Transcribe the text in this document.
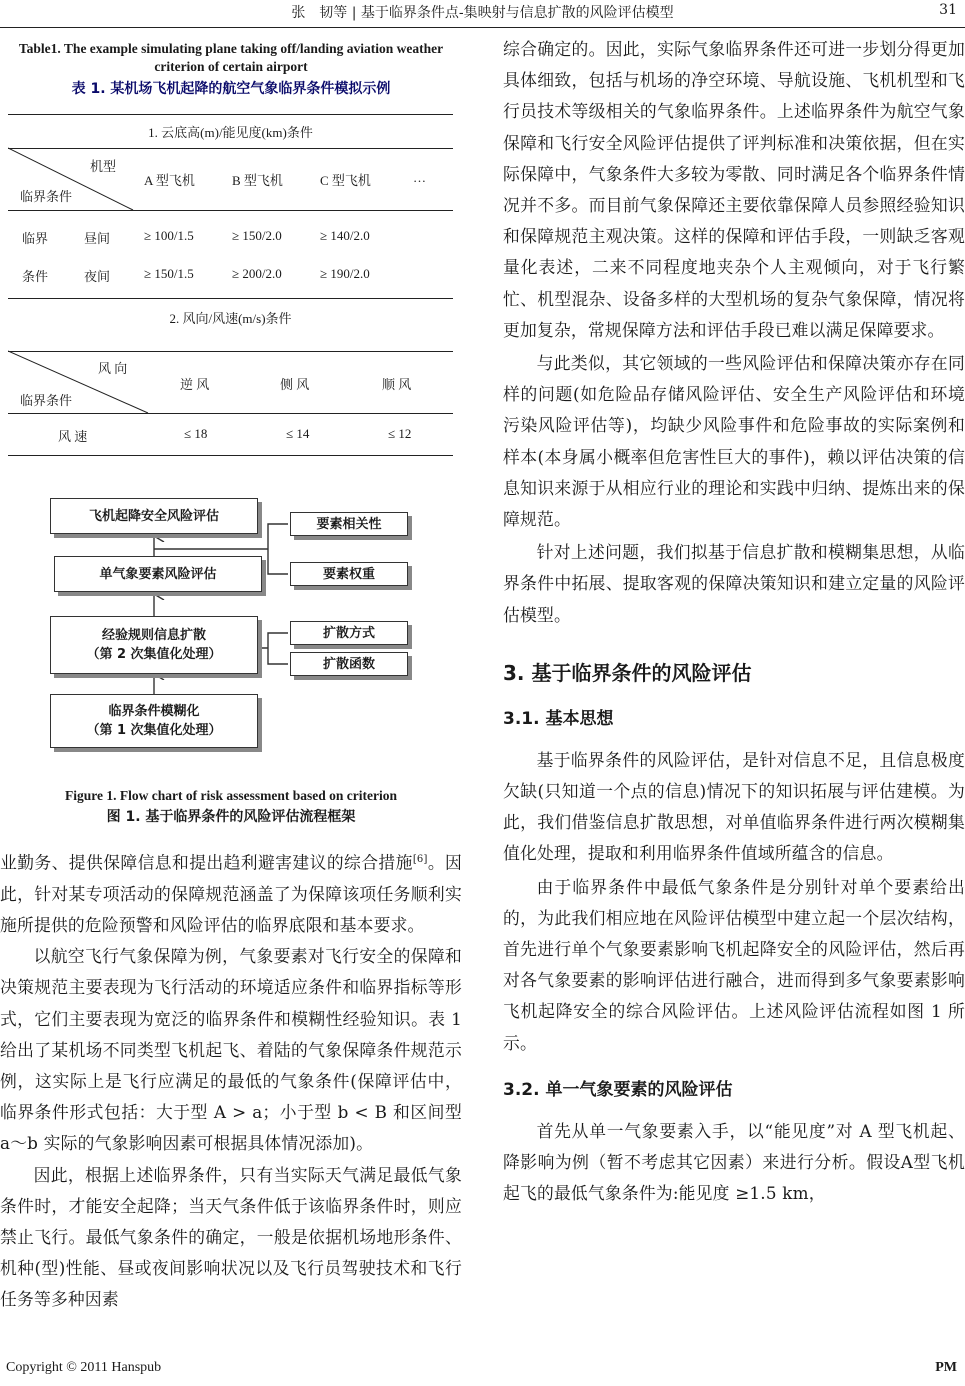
张　韧等 | 基于临界条件点-集映射与信息扩散的风险评估模型	31
Table1. The example simulating plane taking off/landing aviation weather criterion of certain airport
表 1. 某机场飞机起降的航空气象临界条件模拟示例
1. 云底高(m)/能见度(km)条件
机型
临界条件
A 型飞机	B 型飞机	C 型飞机	…
临界
条件
昼间	≥ 100/1.5	≥ 150/2.0	≥ 140/2.0
夜间	≥ 150/1.5	≥ 200/2.0	≥ 190/2.0
2. 风向/风速(m/s)条件
风 向
临界条件
逆 风	侧 风	顺 风
风 速	≤ 18	≤ 14	≤ 12
飞机起降安全风险评估
单气象要素风险评估
经验规则信息扩散
（第 2 次集值化处理）
临界条件模糊化
（第 1 次集值化处理）
要素相关性
要素权重
扩散方式
扩散函数
Figure 1. Flow chart of risk assessment based on criterion
图 1. 基于临界条件的风险评估流程框架

业勤务、提供保障信息和提出趋利避害建议的综合措施[6]。因此，针对某专项活动的保障规范涵盖了为保障该项任务顺利实施所提供的危险预警和风险评估的临界底限和基本要求。

以航空飞行气象保障为例，气象要素对飞行安全的保障和决策规范主要表现为飞行活动的环境适应条件和临界指标等形式，它们主要表现为宽泛的临界条件和模糊性经验知识。表 1 给出了某机场不同类型飞机起飞、着陆的气象保障条件规范示例，这实际上是飞行应满足的最低的气象条件(保障评估中，临界条件形式包括：大于型 A > a；小于型 b < B 和区间型 a～b 实际的气象影响因素可根据具体情况添加)。

因此，根据上述临界条件，只有当实际天气满足最低气象条件时，才能安全起降；当天气条件低于该临界条件时，则应禁止飞行。最低气象条件的确定，一般是依据机场地形条件、机种(型)性能、昼或夜间影响状况以及飞行员驾驶技术和飞行任务等多种因素

综合确定的。因此，实际气象临界条件还可进一步划分得更加具体细致，包括与机场的净空环境、导航设施、飞机机型和飞行员技术等级相关的气象临界条件。上述临界条件为航空气象保障和飞行安全风险评估提供了评判标准和决策依据，但在实际保障中，气象条件大多较为零散、同时满足各个临界条件情况并不多。而目前气象保障还主要依靠保障人员参照经验知识和保障规范主观决策。这样的保障和评估手段，一则缺乏客观量化表述，二来不同程度地夹杂个人主观倾向，对于飞行繁忙、机型混杂、设备多样的大型机场的复杂气象保障，情况将更加复杂，常规保障方法和评估手段已难以满足保障要求。

与此类似，其它领域的一些风险评估和保障决策亦存在同样的问题(如危险品存储风险评估、安全生产风险评估和环境污染风险评估等)，均缺少风险事件和危险事故的实际案例和样本(本身属小概率但危害性巨大的事件)，赖以评估决策的信息知识来源于从相应行业的理论和实践中归纳、提炼出来的保障规范。

针对上述问题，我们拟基于信息扩散和模糊集思想，从临界条件中拓展、提取客观的保障决策知识和建立定量的风险评估模型。

3. 基于临界条件的风险评估
3.1. 基本思想

基于临界条件的风险评估，是针对信息不足，且信息极度欠缺(只知道一个点的信息)情况下的知识拓展与评估建模。为此，我们借鉴信息扩散思想，对单值临界条件进行两次模糊集值化处理，提取和利用临界条件值域所蕴含的信息。

由于临界条件中最低气象条件是分别针对单个要素给出的，为此我们相应地在风险评估模型中建立起一个层次结构，首先进行单个气象要素影响飞机起降安全的风险评估，然后再对各气象要素的影响评估进行融合，进而得到多气象要素影响飞机起降安全的综合风险评估。上述风险评估流程如图 1 所示。

3.2. 单一气象要素的风险评估

首先从单一气象要素入手，以“能见度”对 A 型飞机起、降影响为例（暂不考虑其它因素）来进行分析。假设A型飞机起飞的最低气象条件为:能见度 ≥1.5 km，

Copyright © 2011 Hanspub	PM
